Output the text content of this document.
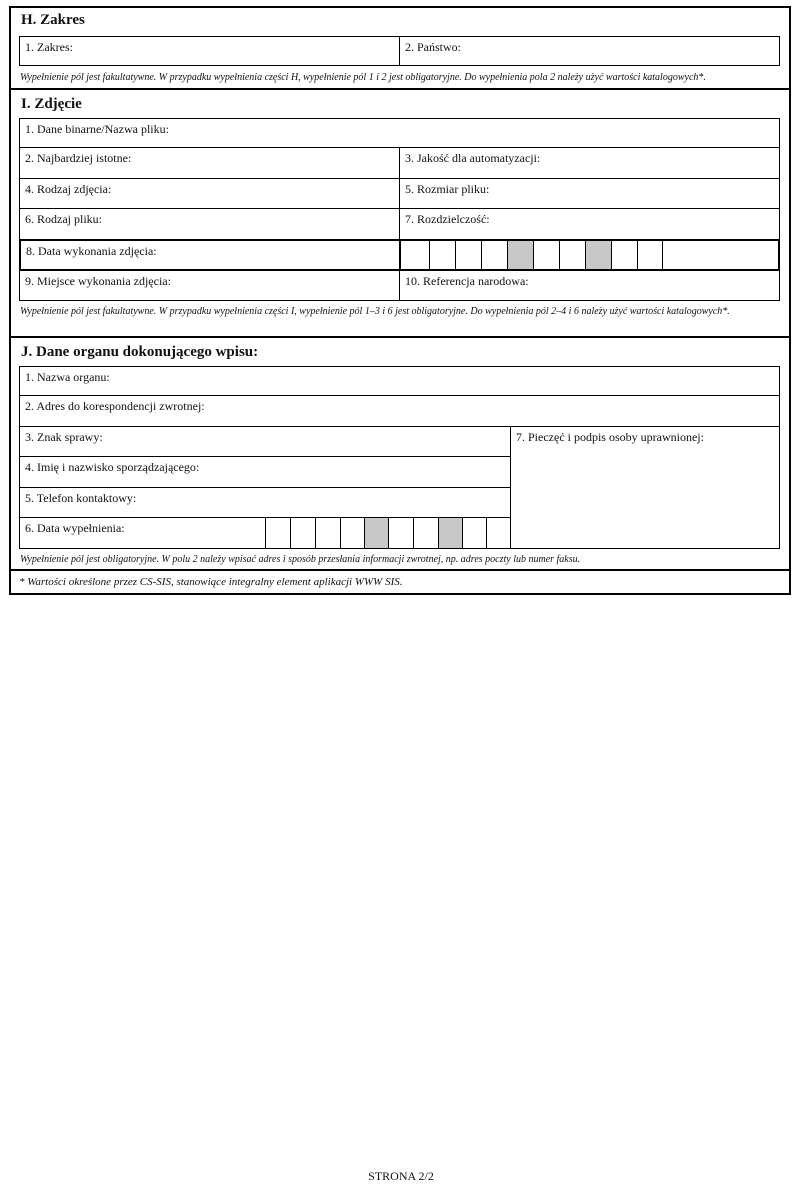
H. Zakres
1. Zakres:	2. Państwo:
Wypełnienie pól jest fakultatywne. W przypadku wypełnienia części H, wypełnienie pól 1 i 2 jest obligatoryjne. Do wypełnienia pola 2 należy użyć wartości katalogowych*.
I. Zdjęcie
1. Dane binarne/Nazwa pliku:
2. Najbardziej istotne:	3. Jakość dla automatyzacji:
4. Rodzaj zdjęcia:	5. Rozmiar pliku:
6. Rodzaj pliku:	7. Rozdzielczość:
8. Data wykonania zdjęcia:
9. Miejsce wykonania zdjęcia:	10. Referencja narodowa:
Wypełnienie pól jest fakultatywne. W przypadku wypełnienia części I, wypełnienie pól 1–3 i 6 jest obligatoryjne. Do wypełnienia pól 2–4 i 6 należy użyć wartości katalogowych*.
J. Dane organu dokonującego wpisu:
1. Nazwa organu:
2. Adres do korespondencji zwrotnej:
3. Znak sprawy:	7. Pieczęć i podpis osoby uprawnionej:
4. Imię i nazwisko sporządzającego:
5. Telefon kontaktowy:
6. Data wypełnienia:
Wypełnienie pól jest obligatoryjne. W polu 2 należy wpisać adres i sposób przesłania informacji zwrotnej, np. adres poczty lub numer faksu.
* Wartości określone przez CS-SIS, stanowiące integralny element aplikacji WWW SIS.
STRONA 2/2
